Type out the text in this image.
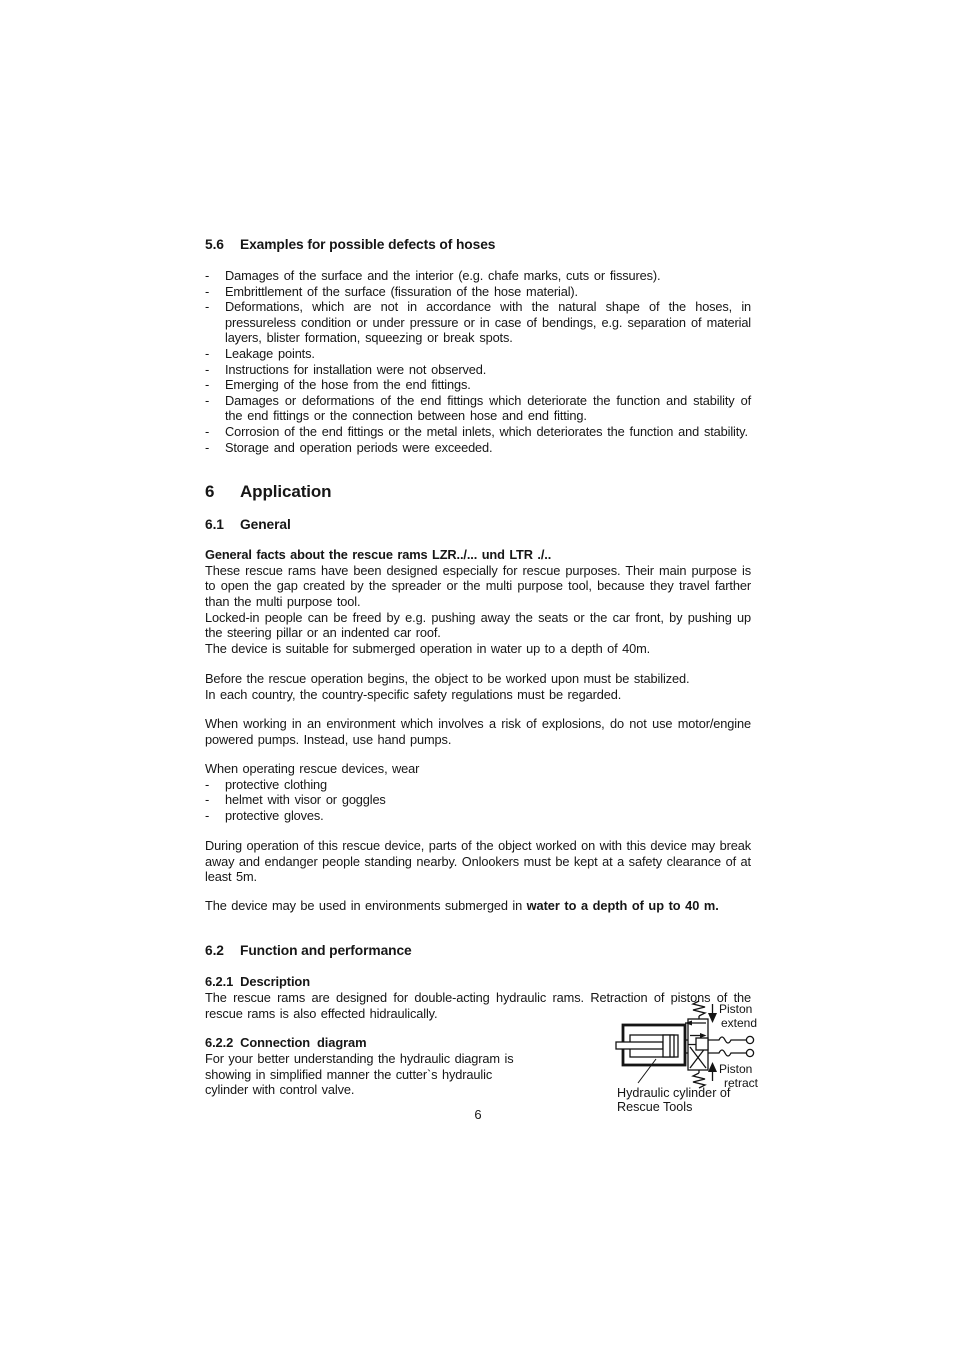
5.6	Examples for possible defects of hoses
-	Damages of the surface and the interior (e.g. chafe marks, cuts or fissures).
-	Embrittlement of the surface (fissuration of the hose material).
-	Deformations, which are not in accordance with the natural shape of the hoses, in pressureless condition or under pressure or in case of bendings, e.g. separation of material layers, blister formation, squeezing or break spots.
-	Leakage points.
-	Instructions for installation were not observed.
-	Emerging of the hose from the end fittings.
-	Damages or deformations of the end fittings which deteriorate the function and stability of the end fittings or the connection between hose and end fitting.
-	Corrosion of the end fittings or the metal inlets, which deteriorates the function and stability.
-	Storage and operation periods were exceeded.
6	Application
6.1	General

General facts about the rescue rams LZR../... und LTR ./..

These rescue rams have been designed especially for rescue purposes. Their main purpose is to open the gap created by the spreader or the multi purpose tool, because they travel farther than the multi purpose tool.

Locked-in people can be freed by e.g. pushing away the seats or the car front, by pushing up the steering pillar or an indented car roof.

The device is suitable for submerged operation in water up to a depth of 40m.

Before the rescue operation begins, the object to be worked upon must be stabilized.

In each country, the country-specific safety regulations must be regarded.

When working in an environment which involves a risk of explosions, do not use motor/engine powered pumps. Instead, use hand pumps.

When operating rescue devices, wear

-	protective clothing
-	helmet with visor or goggles
-	protective gloves.

During operation of this rescue device, parts of the object worked on with this device may break away and endanger people standing nearby. Onlookers must be kept at a safety clearance of at least 5m.

The device may be used in environments submerged in water to a depth of up to 40 m.

6.2	Function and performance
6.2.1 Description

The rescue rams are designed for double-acting hydraulic rams. Retraction of pistons of the rescue rams is also effected hidraulically.

6.2.2 Connection  diagram

For your better understanding the hydraulic diagram is showing in simplified manner the cutter`s hydraulic cylinder with control valve.

6
Piston
extend
Piston
retract
Hydraulic cylinder of
Rescue Tools
